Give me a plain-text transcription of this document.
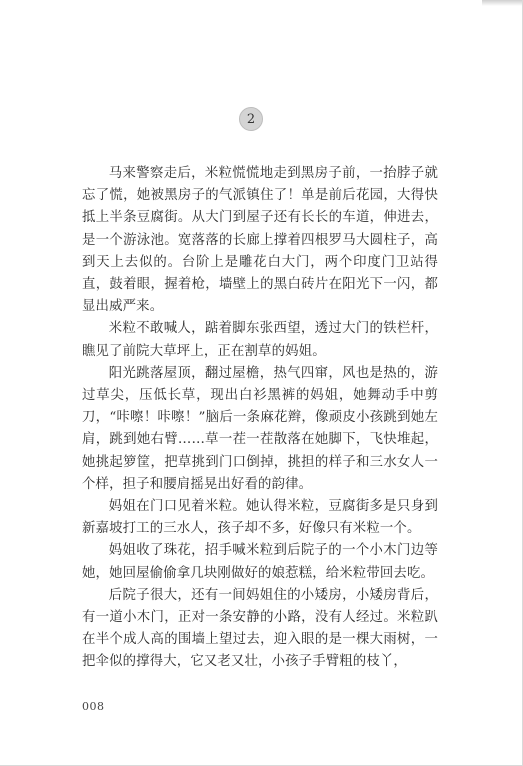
2

马来警察走后，米粒慌慌地走到黑房子前，一抬脖子就忘了慌，她被黑房子的气派镇住了！单是前后花园，大得快抵上半条豆腐街。从大门到屋子还有长长的车道，伸进去，是一个游泳池。宽落落的长廊上撑着四根罗马大圆柱子，高到天上去似的。台阶上是雕花白大门，两个印度门卫站得直，鼓着眼，握着枪，墙壁上的黑白砖片在阳光下一闪，都显出威严来。

米粒不敢喊人，踮着脚东张西望，透过大门的铁栏杆，瞧见了前院大草坪上，正在割草的妈姐。

阳光跳落屋顶，翻过屋檐，热气四窜，风也是热的，游过草尖，压低长草，现出白衫黑裤的妈姐，她舞动手中剪刀，“咔嚓！咔嚓！”脑后一条麻花辫，像顽皮小孩跳到她左肩，跳到她右臂……草一茬一茬散落在她脚下，飞快堆起，她挑起箩筐，把草挑到门口倒掉，挑担的样子和三水女人一个样，担子和腰肩摇晃出好看的韵律。

妈姐在门口见着米粒。她认得米粒，豆腐街多是只身到新嘉坡打工的三水人，孩子却不多，好像只有米粒一个。

妈姐收了珠花，招手喊米粒到后院子的一个小木门边等她，她回屋偷偷拿几块刚做好的娘惹糕，给米粒带回去吃。

后院子很大，还有一间妈姐住的小矮房，小矮房背后，有一道小木门，正对一条安静的小路，没有人经过。米粒趴在半个成人高的围墙上望过去，迎入眼的是一棵大雨树，一把伞似的撑得大，它又老又壮，小孩子手臂粗的枝丫，

008
